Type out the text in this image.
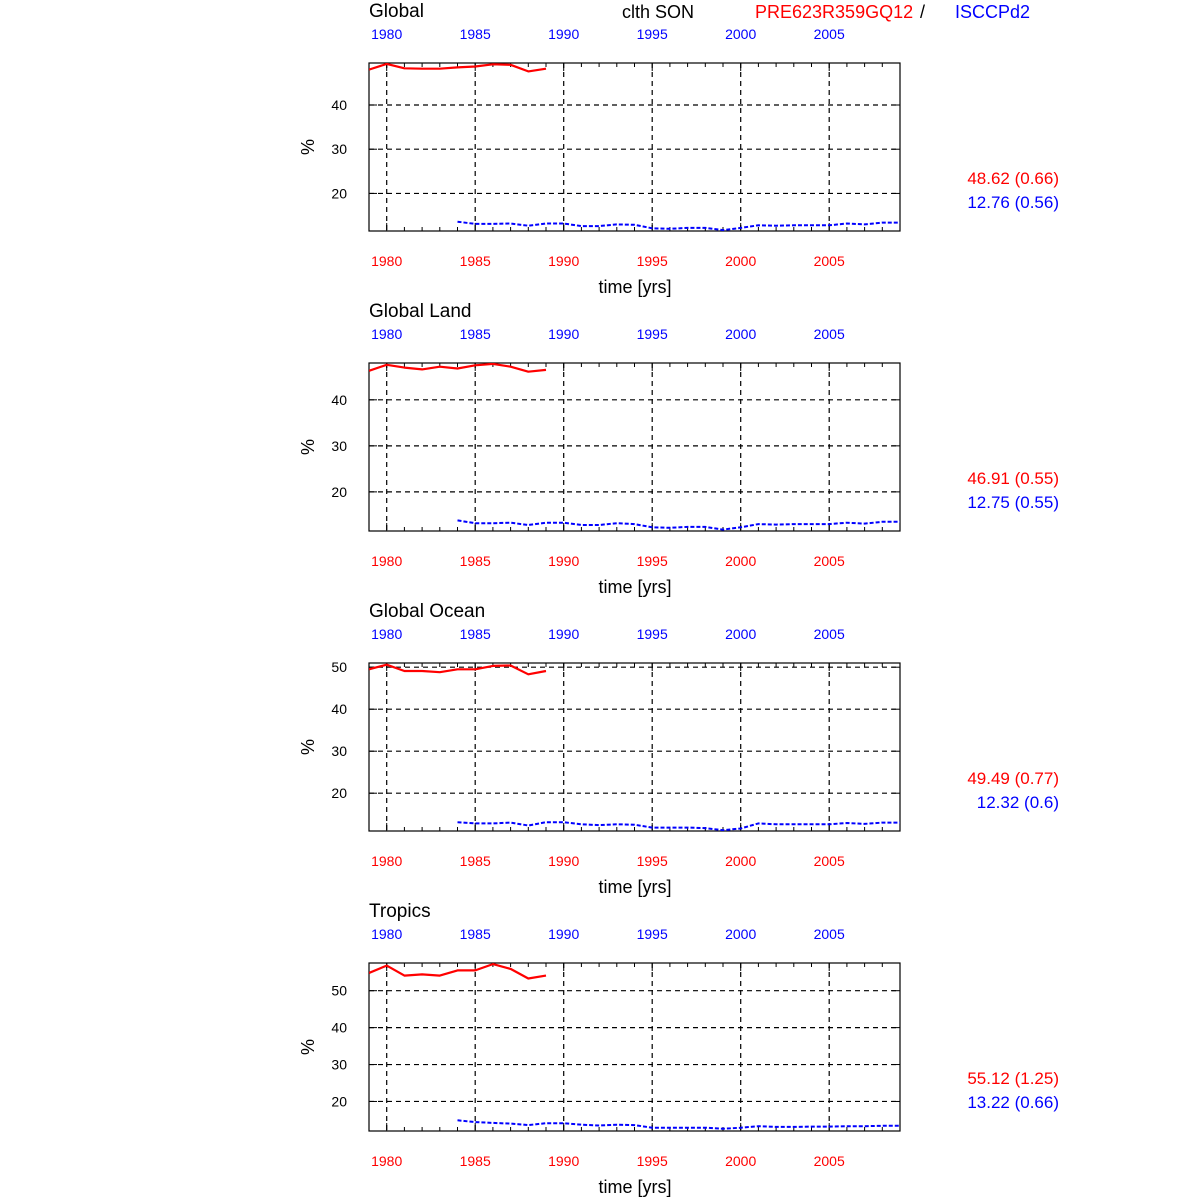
clth SON	PRE623R359GQ12 / ISCCPd2
Global
1980
1980
1985
1985
1990
1990
1995
1995
2000
2000
2005
2005
20
30
40
time [yrs]
%
48.62 (0.66)
12.76 (0.56)
Global Land
1980
1980
1985
1985
1990
1990
1995
1995
2000
2000
2005
2005
20
30
40
time [yrs]
%
46.91 (0.55)
12.75 (0.55)
Global Ocean
1980
1980
1985
1985
1990
1990
1995
1995
2000
2000
2005
2005
20
30
40
50
time [yrs]
%
49.49 (0.77)
12.32 (0.6)
Tropics
1980
1980
1985
1985
1990
1990
1995
1995
2000
2000
2005
2005
20
30
40
50
time [yrs]
%
55.12 (1.25)
13.22 (0.66)
